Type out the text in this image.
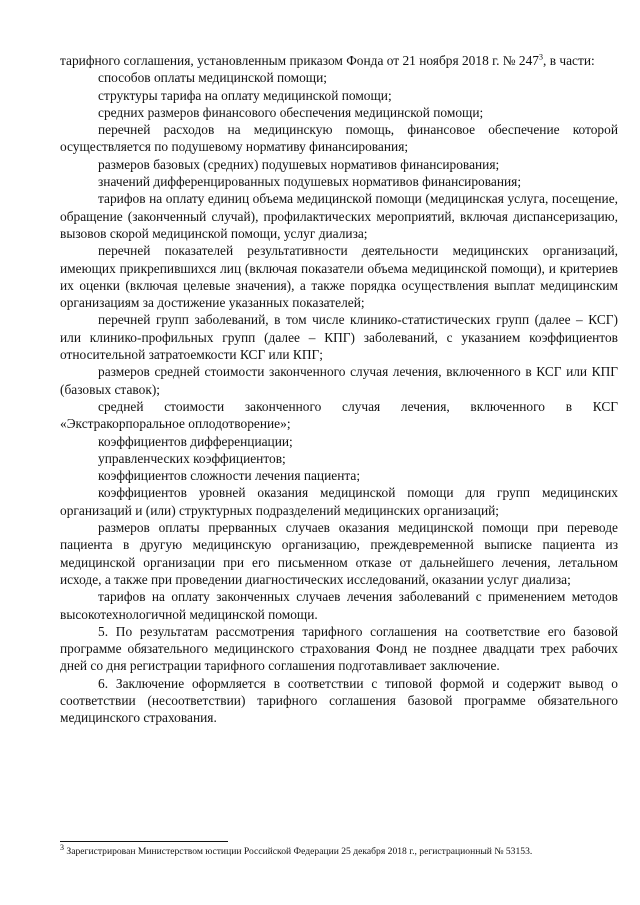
тарифного соглашения, установленным приказом Фонда от 21 ноября 2018 г. № $247^3$, в части:

способов оплаты медицинской помощи;

структуры тарифа на оплату медицинской помощи;

средних размеров финансового обеспечения медицинской помощи;

перечней расходов на медицинскую помощь, финансовое обеспечение которой осуществляется по подушевому нормативу финансирования;

размеров базовых (средних) подушевых нормативов финансирования;

значений дифференцированных подушевых нормативов финансирования;

тарифов на оплату единиц объема медицинской помощи (медицинская услуга, посещение, обращение (законченный случай), профилактических мероприятий, включая диспансеризацию, вызовов скорой медицинской помощи, услуг диализа;

перечней показателей результативности деятельности медицинских организаций, имеющих прикрепившихся лиц (включая показатели объема медицинской помощи), и критериев их оценки (включая целевые значения), а также порядка осуществления выплат медицинским организациям за достижение указанных показателей;

перечней групп заболеваний, в том числе клинико-статистических групп (далее – КСГ) или клинико-профильных групп (далее – КПГ) заболеваний, с указанием коэффициентов относительной затратоемкости КСГ или КПГ;

размеров средней стоимости законченного случая лечения, включенного в КСГ или КПГ (базовых ставок);

средней стоимости законченного случая лечения, включенного в КСГ «Экстракорпоральное оплодотворение»;

коэффициентов дифференциации;

управленческих коэффициентов;

коэффициентов сложности лечения пациента;

коэффициентов уровней оказания медицинской помощи для групп медицинских организаций и (или) структурных подразделений медицинских организаций;

размеров оплаты прерванных случаев оказания медицинской помощи при переводе пациента в другую медицинскую организацию, преждевременной выписке пациента из медицинской организации при его письменном отказе от дальнейшего лечения, летальном исходе, а также при проведении диагностических исследований, оказании услуг диализа;

тарифов на оплату законченных случаев лечения заболеваний с применением методов высокотехнологичной медицинской помощи.

5. По результатам рассмотрения тарифного соглашения на соответствие его базовой программе обязательного медицинского страхования Фонд не позднее двадцати трех рабочих дней со дня регистрации тарифного соглашения подготавливает заключение.

6. Заключение оформляется в соответствии с типовой формой и содержит вывод о соответствии (несоответствии) тарифного соглашения базовой программе обязательного медицинского страхования.

$^3$ Зарегистрирован Министерством юстиции Российской Федерации 25 декабря 2018 г., регистрационный № 53153.
